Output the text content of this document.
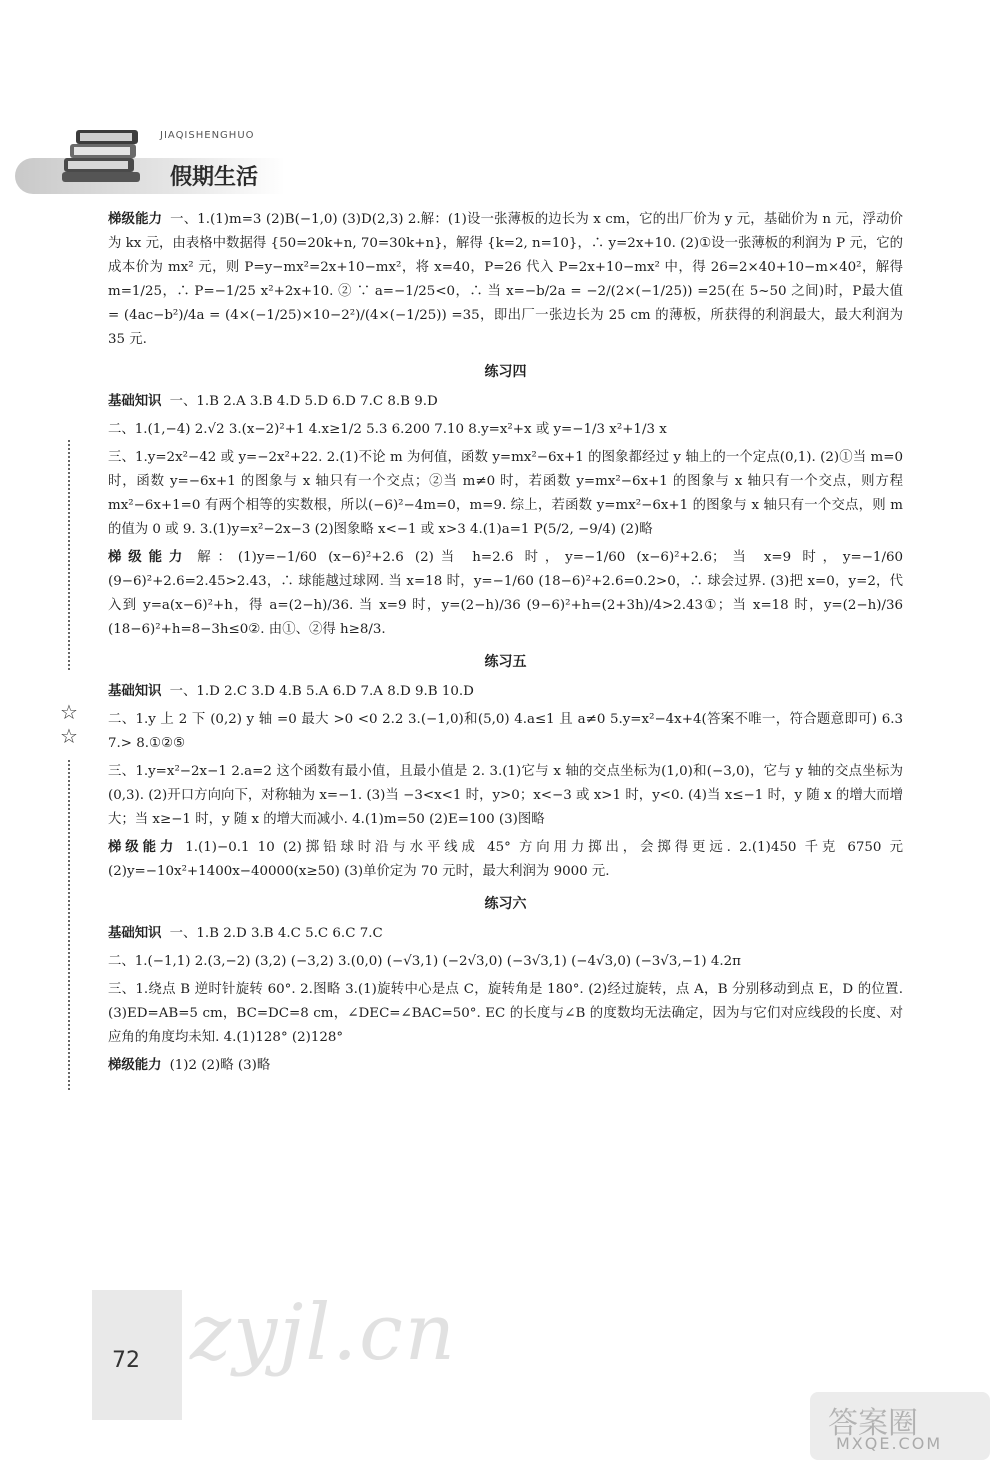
JIAQISHENGHUO
假期生活
☆
☆
梯级能力 一、1.(1)m=3 (2)B(−1,0) (3)D(2,3) 2.解：(1)设一张薄板的边长为 x cm，它的出厂价为 y 元，基础价为 n 元，浮动价为 kx 元，由表格中数据得 {50=20k+n, 70=30k+n}，解得 {k=2, n=10}，∴ y=2x+10. (2)①设一张薄板的利润为 P 元，它的成本价为 mx² 元，则 P=y−mx²=2x+10−mx²，将 x=40，P=26 代入 P=2x+10−mx² 中，得 26=2×40+10−m×40²，解得 m=1/25，∴ P=−1/25 x²+2x+10. ② ∵ a=−1/25<0，∴ 当 x=−b/2a = −2/(2×(−1/25)) =25(在 5~50 之间)时，P最大值 = (4ac−b²)/4a = (4×(−1/25)×10−2²)/(4×(−1/25)) =35，即出厂一张边长为 25 cm 的薄板，所获得的利润最大，最大利润为 35 元.
练习四
基础知识 一、1.B 2.A 3.B 4.D 5.D 6.D 7.C 8.B 9.D
二、1.(1,−4) 2.√2 3.(x−2)²+1 4.x≥1/2 5.3 6.200 7.10 8.y=x²+x 或 y=−1/3 x²+1/3 x
三、1.y=2x²−42 或 y=−2x²+22. 2.(1)不论 m 为何值，函数 y=mx²−6x+1 的图象都经过 y 轴上的一个定点(0,1). (2)①当 m=0 时，函数 y=−6x+1 的图象与 x 轴只有一个交点；②当 m≠0 时，若函数 y=mx²−6x+1 的图象与 x 轴只有一个交点，则方程 mx²−6x+1=0 有两个相等的实数根，所以(−6)²−4m=0，m=9. 综上，若函数 y=mx²−6x+1 的图象与 x 轴只有一个交点，则 m 的值为 0 或 9. 3.(1)y=x²−2x−3 (2)图象略 x<−1 或 x>3 4.(1)a=1 P(5/2, −9/4) (2)略
梯级能力 解：(1)y=−1/60 (x−6)²+2.6 (2)当 h=2.6 时，y=−1/60 (x−6)²+2.6；当 x=9 时，y=−1/60 (9−6)²+2.6=2.45>2.43，∴ 球能越过球网. 当 x=18 时，y=−1/60 (18−6)²+2.6=0.2>0，∴ 球会过界. (3)把 x=0，y=2，代入到 y=a(x−6)²+h，得 a=(2−h)/36. 当 x=9 时，y=(2−h)/36 (9−6)²+h=(2+3h)/4>2.43①；当 x=18 时，y=(2−h)/36 (18−6)²+h=8−3h≤0②. 由①、②得 h≥8/3.
练习五
基础知识 一、1.D 2.C 3.D 4.B 5.A 6.D 7.A 8.D 9.B 10.D
二、1.y 上 2 下 (0,2) y 轴 =0 最大 >0 <0 2.2 3.(−1,0)和(5,0) 4.a≤1 且 a≠0 5.y=x²−4x+4(答案不唯一，符合题意即可) 6.3 7.> 8.①②⑤
三、1.y=x²−2x−1 2.a=2 这个函数有最小值，且最小值是 2. 3.(1)它与 x 轴的交点坐标为(1,0)和(−3,0)，它与 y 轴的交点坐标为(0,3). (2)开口方向向下，对称轴为 x=−1. (3)当 −3<x<1 时，y>0；x<−3 或 x>1 时，y<0. (4)当 x≤−1 时，y 随 x 的增大而增大；当 x≥−1 时，y 随 x 的增大而减小. 4.(1)m=50 (2)E=100 (3)图略
梯级能力 1.(1)−0.1 10 (2)掷铅球时沿与水平线成 45° 方向用力掷出，会掷得更远. 2.(1)450 千克 6750 元 (2)y=−10x²+1400x−40000(x≥50) (3)单价定为 70 元时，最大利润为 9000 元.
练习六
基础知识 一、1.B 2.D 3.B 4.C 5.C 6.C 7.C
二、1.(−1,1) 2.(3,−2) (3,2) (−3,2) 3.(0,0) (−√3,1) (−2√3,0) (−3√3,1) (−4√3,0) (−3√3,−1) 4.2π
三、1.绕点 B 逆时针旋转 60°. 2.图略 3.(1)旋转中心是点 C，旋转角是 180°. (2)经过旋转，点 A，B 分别移动到点 E，D 的位置. (3)ED=AB=5 cm，BC=DC=8 cm，∠DEC=∠BAC=50°. EC 的长度与∠B 的度数均无法确定，因为与它们对应线段的长度、对应角的角度均未知. 4.(1)128° (2)128°
梯级能力 (1)2 (2)略 (3)略
72 zyjl.cn
答案圈
MXQE.COM
